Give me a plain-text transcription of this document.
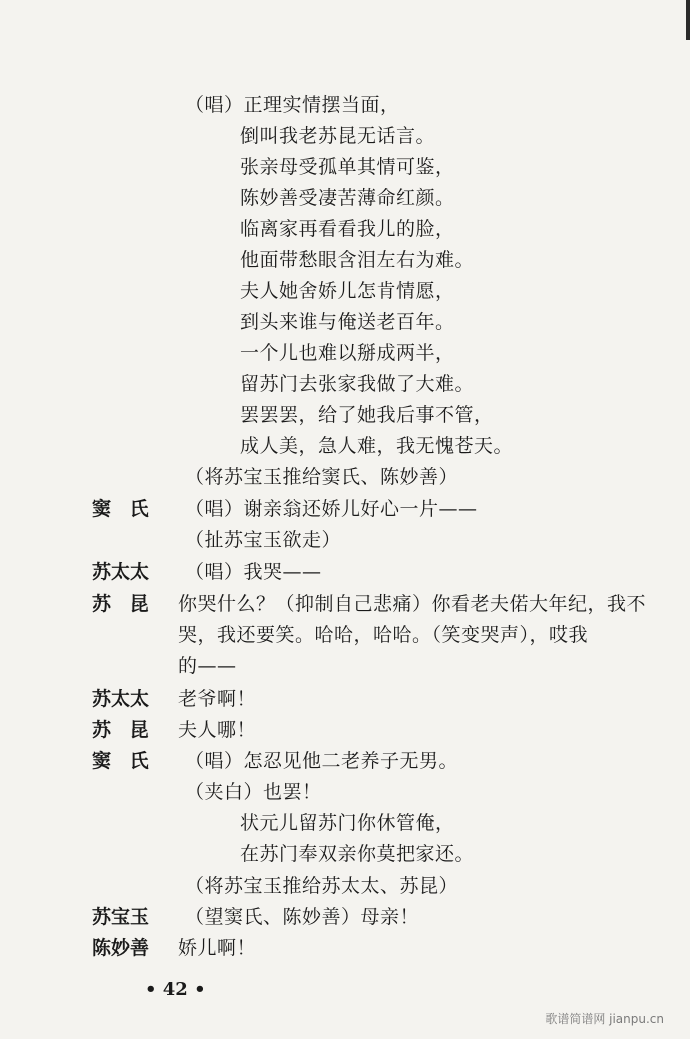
（唱）正理实情摆当面，
倒叫我老苏昆无话言。
张亲母受孤单其情可鉴，
陈妙善受凄苦薄命红颜。
临离家再看看我儿的脸，
他面带愁眼含泪左右为难。
夫人她舍娇儿怎肯情愿，
到头来谁与俺送老百年。
一个儿也难以掰成两半，
留苏门去张家我做了大难。
罢罢罢，给了她我后事不管，
成人美，急人难，我无愧苍天。
（将苏宝玉推给窦氏、陈妙善）
窦 氏	（唱）谢亲翁还娇儿好心一片——
（扯苏宝玉欲走）
苏太太	（唱）我哭——
苏 昆	你哭什么？（抑制自己悲痛）你看老夫偌大年纪，我不
哭，我还要笑。哈哈，哈哈。（笑变哭声），哎我
的——
苏太太	老爷啊！
苏 昆	夫人哪！
窦 氏	（唱）怎忍见他二老养子无男。
（夹白）也罢！
状元儿留苏门你休管俺，
在苏门奉双亲你莫把家还。
（将苏宝玉推给苏太太、苏昆）
苏宝玉	（望窦氏、陈妙善）母亲！
陈妙善	娇儿啊！
• 42 •
歌谱简谱网 jianpu.cn
